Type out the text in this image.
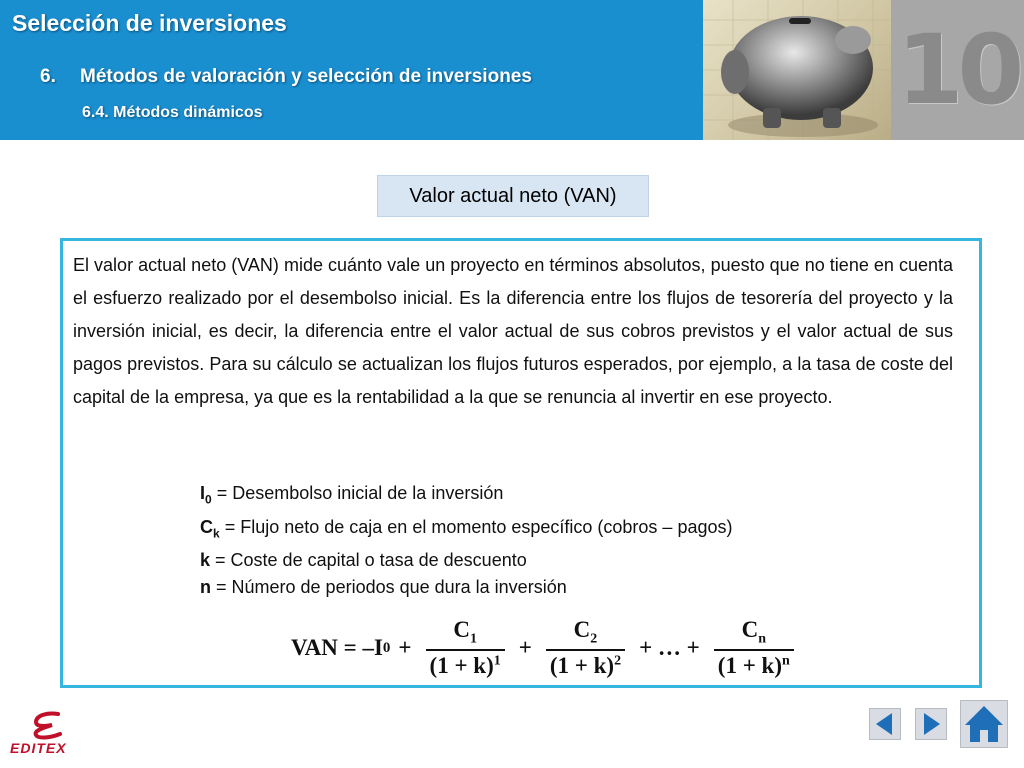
Selección de inversiones
6. Métodos de valoración y selección de inversiones
6.4. Métodos dinámicos	10
Valor actual neto (VAN)
El valor actual neto (VAN) mide cuánto vale un proyecto en términos absolutos, puesto que no tiene en cuenta el esfuerzo realizado por el desembolso inicial. Es la diferencia entre los flujos de tesorería del proyecto y la inversión inicial, es decir, la diferencia entre el valor actual de sus cobros previstos y el valor actual de sus pagos previstos. Para su cálculo se actualizan los flujos futuros esperados, por ejemplo, a la tasa de coste del capital de la empresa, ya que es la rentabilidad a la que se renuncia al invertir en ese proyecto.
$I_0$ = Desembolso inicial de la inversión
$C_k$ = Flujo neto de caja en el momento específico (cobros – pagos)
k = Coste de capital o tasa de descuento
n = Número de periodos que dura la inversión
VAN = –I $0 + \frac{C_1}{(1 + k)^1} + \frac{C_2}{(1 + k)^2}$ + … + $\frac{C_n}{(1 + k)^n}$
EDITEX
